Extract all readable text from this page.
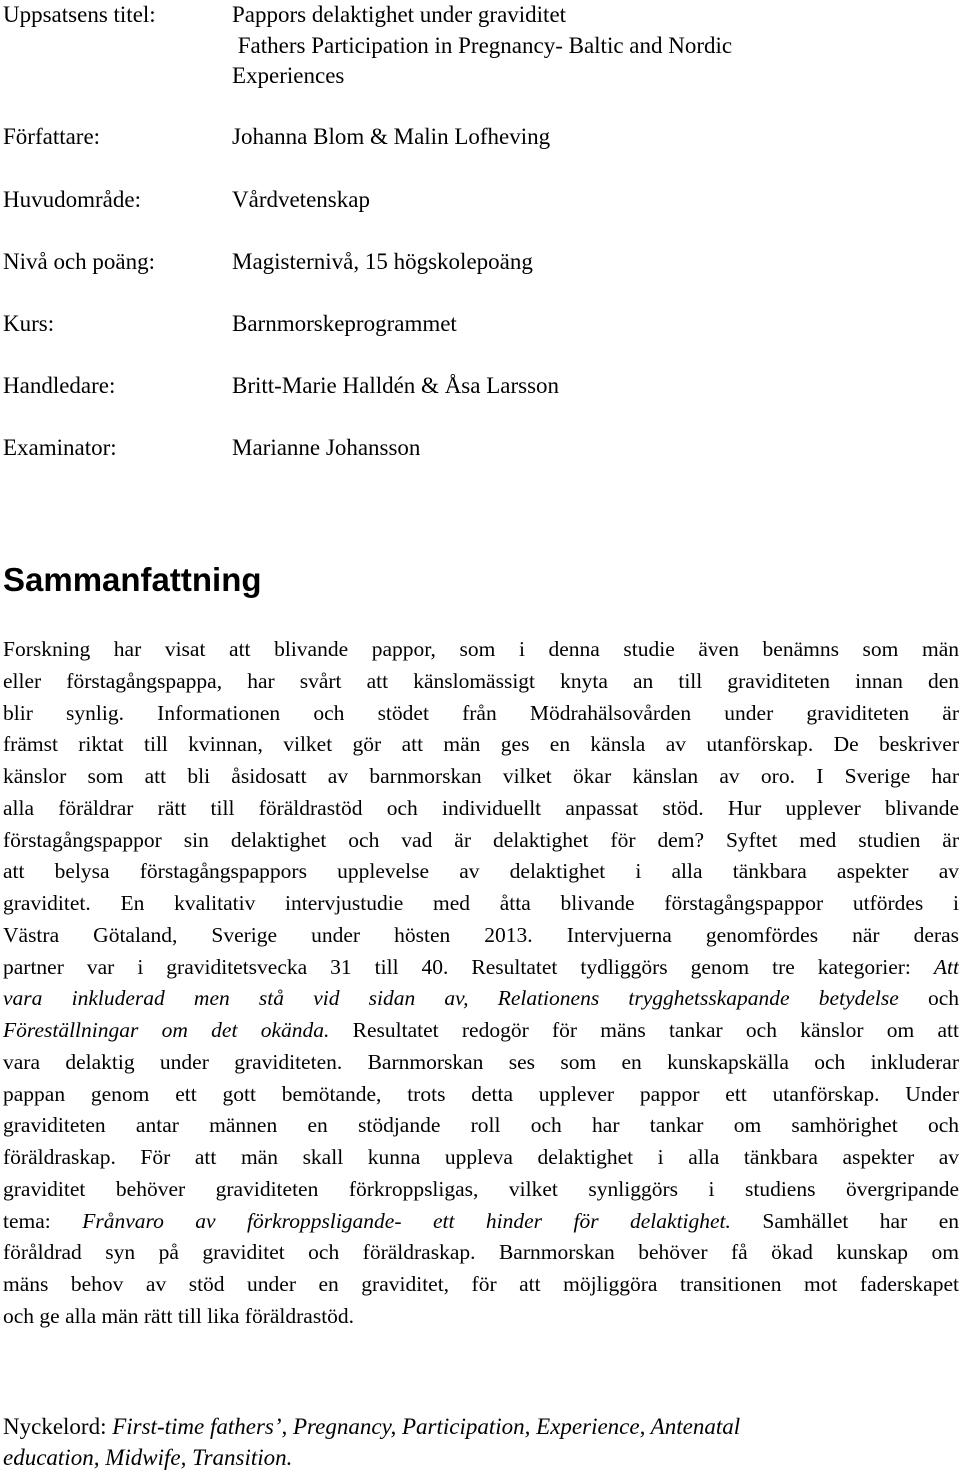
Uppsatsens titel:	Pappors delaktighet under graviditet
Fathers Participation in Pregnancy- Baltic and Nordic
Experiences
Författare:	Johanna Blom & Malin Lofheving
Huvudområde:	Vårdvetenskap
Nivå och poäng:	Magisternivå, 15 högskolepoäng
Kurs:	Barnmorskeprogrammet
Handledare:	Britt-Marie Halldén & Åsa Larsson
Examinator:	Marianne Johansson
Sammanfattning
Forskning har visat att blivande pappor, som i denna studie även benämns som män
eller förstagångspappa, har svårt att känslomässigt knyta an till graviditeten innan den
blir synlig. Informationen och stödet från Mödrahälsovården under graviditeten är
främst riktat till kvinnan, vilket gör att män ges en känsla av utanförskap. De beskriver
känslor som att bli åsidosatt av barnmorskan vilket ökar känslan av oro. I Sverige har
alla föräldrar rätt till föräldrastöd och individuellt anpassat stöd. Hur upplever blivande
förstagångspappor sin delaktighet och vad är delaktighet för dem? Syftet med studien är
att belysa förstagångspappors upplevelse av delaktighet i alla tänkbara aspekter av
graviditet. En kvalitativ intervjustudie med åtta blivande förstagångspappor utfördes i
Västra Götaland, Sverige under hösten 2013. Intervjuerna genomfördes när deras
partner var i graviditetsvecka 31 till 40. Resultatet tydliggörs genom tre kategorier: Att
vara inkluderad men stå vid sidan av, Relationens trygghetsskapande betydelse och
Föreställningar om det okända. Resultatet redogör för mäns tankar och känslor om att
vara delaktig under graviditeten. Barnmorskan ses som en kunskapskälla och inkluderar
pappan genom ett gott bemötande, trots detta upplever pappor ett utanförskap. Under
graviditeten antar männen en stödjande roll och har tankar om samhörighet och
föräldraskap. För att män skall kunna uppleva delaktighet i alla tänkbara aspekter av
graviditet behöver graviditeten förkroppsligas, vilket synliggörs i studiens övergripande
tema: Frånvaro av förkroppsligande- ett hinder för delaktighet. Samhället har en
föråldrad syn på graviditet och föräldraskap. Barnmorskan behöver få ökad kunskap om
mäns behov av stöd under en graviditet, för att möjliggöra transitionen mot faderskapet
och ge alla män rätt till lika föräldrastöd.
Nyckelord: First-time fathers’, Pregnancy, Participation, Experience, Antenatal
education, Midwife, Transition.
